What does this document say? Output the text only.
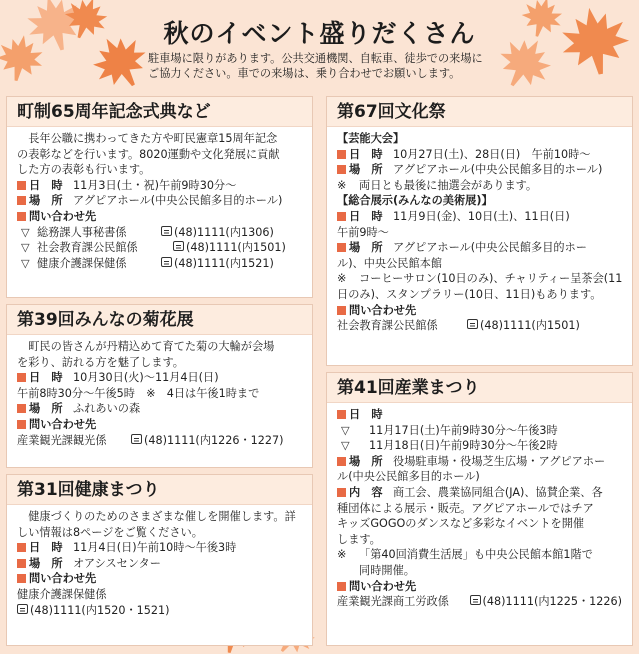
秋のイベント盛りだくさん
駐車場に限りがあります。公共交通機関、自転車、徒歩での来場に
ご協力ください。車での来場は、乗り合わせでお願いします。
町制65周年記念式典など
長年公職に携わってきた方や町民憲章15周年記念
の表彰などを行います。8020運動や文化発展に貢献
した方の表彰も行います。
日　時 11月3日(土・祝)午前9時30分〜
場　所 アグピアホール(中央公民館多目的ホール)
問い合わせ先
▽ 総務課人事秘書係	(48)1111(内1306)
▽ 社会教育課公民館係	(48)1111(内1501)
▽ 健康介護課保健係	(48)1111(内1521)
第39回みんなの菊花展
町民の皆さんが丹精込めて育てた菊の大輪が会場
を彩り、訪れる方を魅了します。
日　時 10月30日(火)〜11月4日(日)
午前8時30分〜午後5時　※　4日は午後1時まで
場　所 ふれあいの森
問い合わせ先
産業観光課観光係	(48)1111(内1226・1227)
第31回健康まつり
健康づくりのためのさまざまな催しを開催します。詳
しい情報は8ページをご覧ください。
日　時 11月4日(日)午前10時〜午後3時
場　所 オアシスセンター
問い合わせ先
健康介護課保健係
(48)1111(内1520・1521)
第67回文化祭
【芸能大会】
日　時 10月27日(土)、28日(日)　午前10時〜
場　所 アグピアホール(中央公民館多目的ホール)
※	両日とも最後に抽選会があります。
【総合展示(みんなの美術展)】
日　時 11月9日(金)、10日(土)、11日(日)
午前9時〜
場　所 アグピアホール(中央公民館多目的ホー
ル)、中央公民館本館
※	コーヒーサロン(10日のみ)、チャリティー呈茶会(11
日のみ)、スタンプラリー(10日、11日)もあります。
問い合わせ先
社会教育課公民館係	(48)1111(内1501)
第41回産業まつり
日　時
▽	11月17日(土)午前9時30分〜午後3時
▽	11月18日(日)午前9時30分〜午後2時
場　所 役場駐車場・役場芝生広場・アグピアホー
ル(中央公民館多目的ホール)
内　容 商工会、農業協同組合(JA)、協賛企業、各
種団体による展示・販売。アグピアホールではチア
キッズGOGOのダンスなど多彩なイベントを開催
します。
※	「第40回消費生活展」も中央公民館本館1階で
同時開催。
問い合わせ先
産業観光課商工労政係	(48)1111(内1225・1226)
